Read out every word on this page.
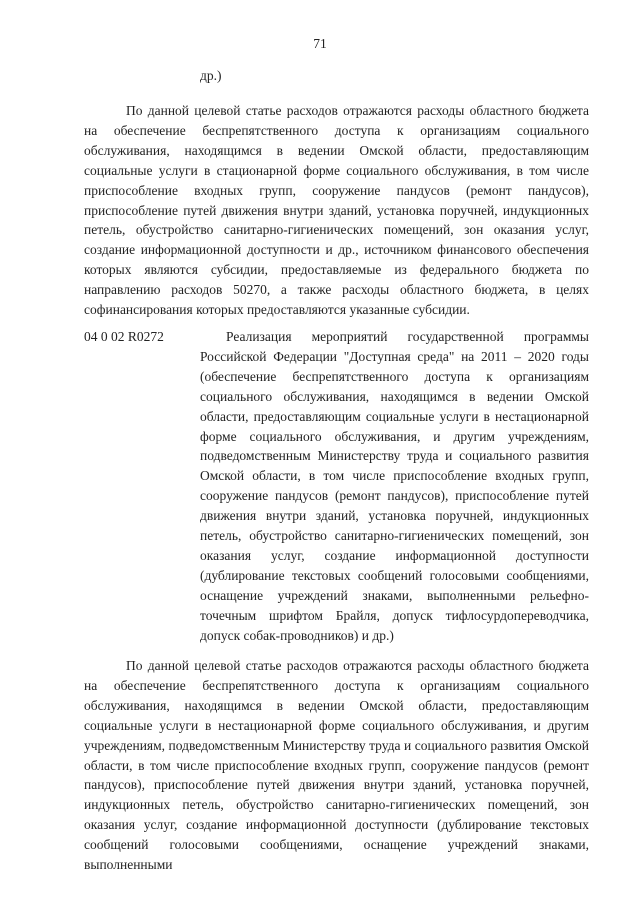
71

др.)

По данной целевой статье расходов отражаются расходы областного бюджета на обеспечение беспрепятственного доступа к организациям социального обслуживания, находящимся в ведении Омской области, предоставляющим социальные услуги в стационарной форме социального обслуживания, в том числе приспособление входных групп, сооружение пандусов (ремонт пандусов), приспособление путей движения внутри зданий, установка поручней, индукционных петель, обустройство санитарно-гигиенических помещений, зон оказания услуг, создание информационной доступности и др., источником финансового обеспечения которых являются субсидии, предоставляемые из федерального бюджета по направлению расходов 50270, а также расходы областного бюджета, в целях софинансирования которых предоставляются указанные субсидии.

04 0 02 R0272	Реализация мероприятий государственной программы Российской Федерации "Доступная среда" на 2011 – 2020 годы (обеспечение беспрепятственного доступа к организациям социального обслуживания, находящимся в ведении Омской области, предоставляющим социальные услуги в нестационарной форме социального обслуживания, и другим учреждениям, подведомственным Министерству труда и социального развития Омской области, в том числе приспособление входных групп, сооружение пандусов (ремонт пандусов), приспособление путей движения внутри зданий, установка поручней, индукционных петель, обустройство санитарно-гигиенических помещений, зон оказания услуг, создание информационной доступности (дублирование текстовых сообщений голосовыми сообщениями, оснащение учреждений знаками, выполненными рельефно-точечным шрифтом Брайля, допуск тифлосурдопереводчика, допуск собак-проводников) и др.)

По данной целевой статье расходов отражаются расходы областного бюджета на обеспечение беспрепятственного доступа к организациям социального обслуживания, находящимся в ведении Омской области, предоставляющим социальные услуги в нестационарной форме социального обслуживания, и другим учреждениям, подведомственным Министерству труда и социального развития Омской области, в том числе приспособление входных групп, сооружение пандусов (ремонт пандусов), приспособление путей движения внутри зданий, установка поручней, индукционных петель, обустройство санитарно-гигиенических помещений, зон оказания услуг, создание информационной доступности (дублирование текстовых сообщений голосовыми сообщениями, оснащение учреждений знаками, выполненными
